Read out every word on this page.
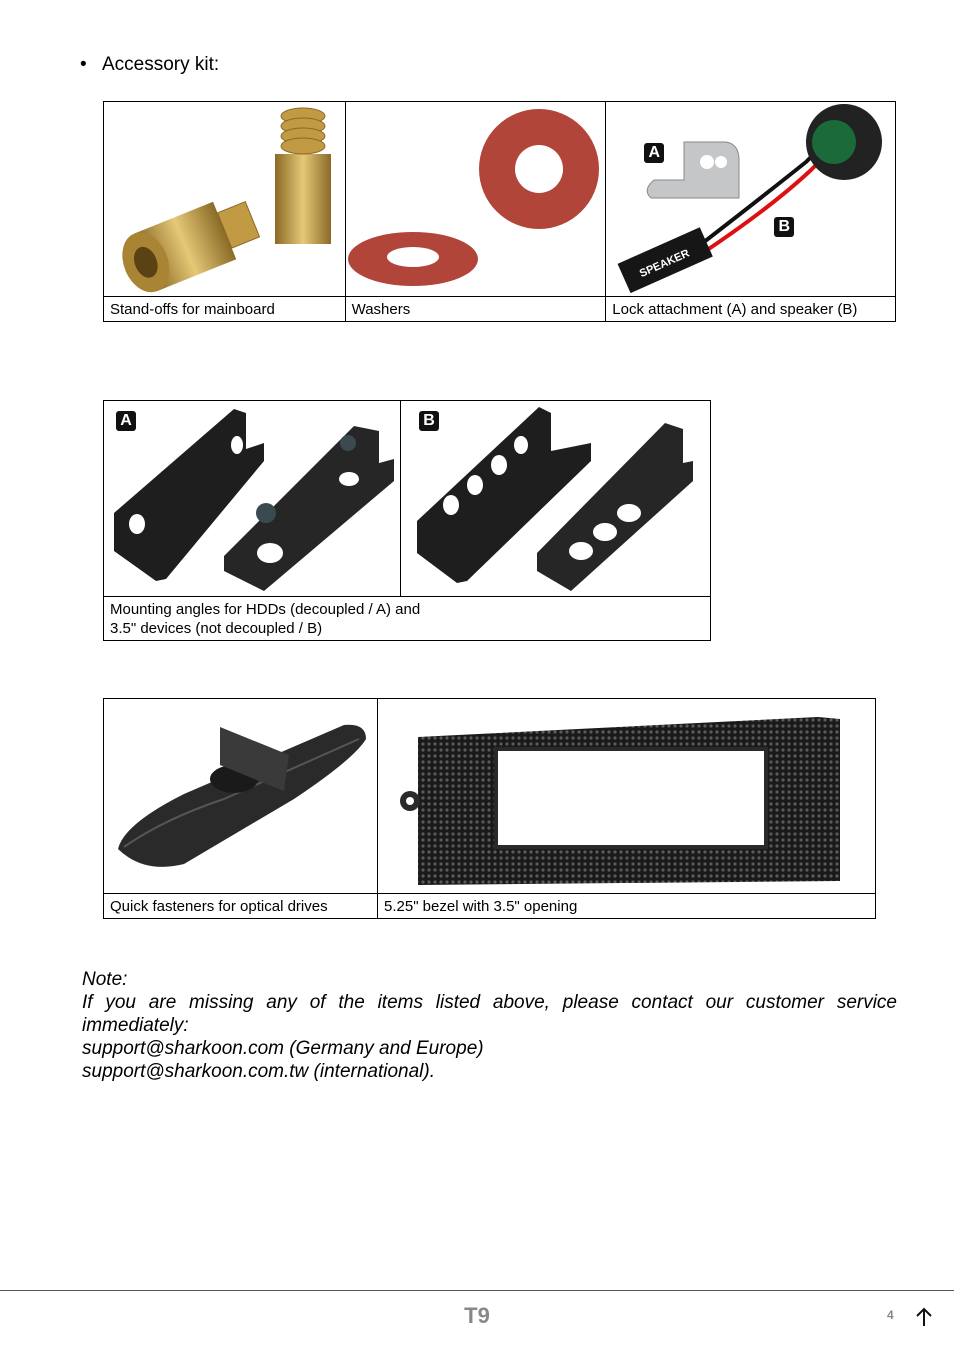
• Accessory kit:

SPEAKER
A
B

Stand-offs for mainboard	Washers	Lock attachment (A) and speaker (B)
A	B

Mounting angles for HDDs (decoupled / A) and
3.5" devices (not decoupled / B)

Quick fasteners for optical drives	5.25" bezel with 3.5" opening

Note:

If you are missing any of the items listed above, please contact our customer service immediately:

support@sharkoon.com (Germany and Europe)

support@sharkoon.com.tw (international).

T9	4
